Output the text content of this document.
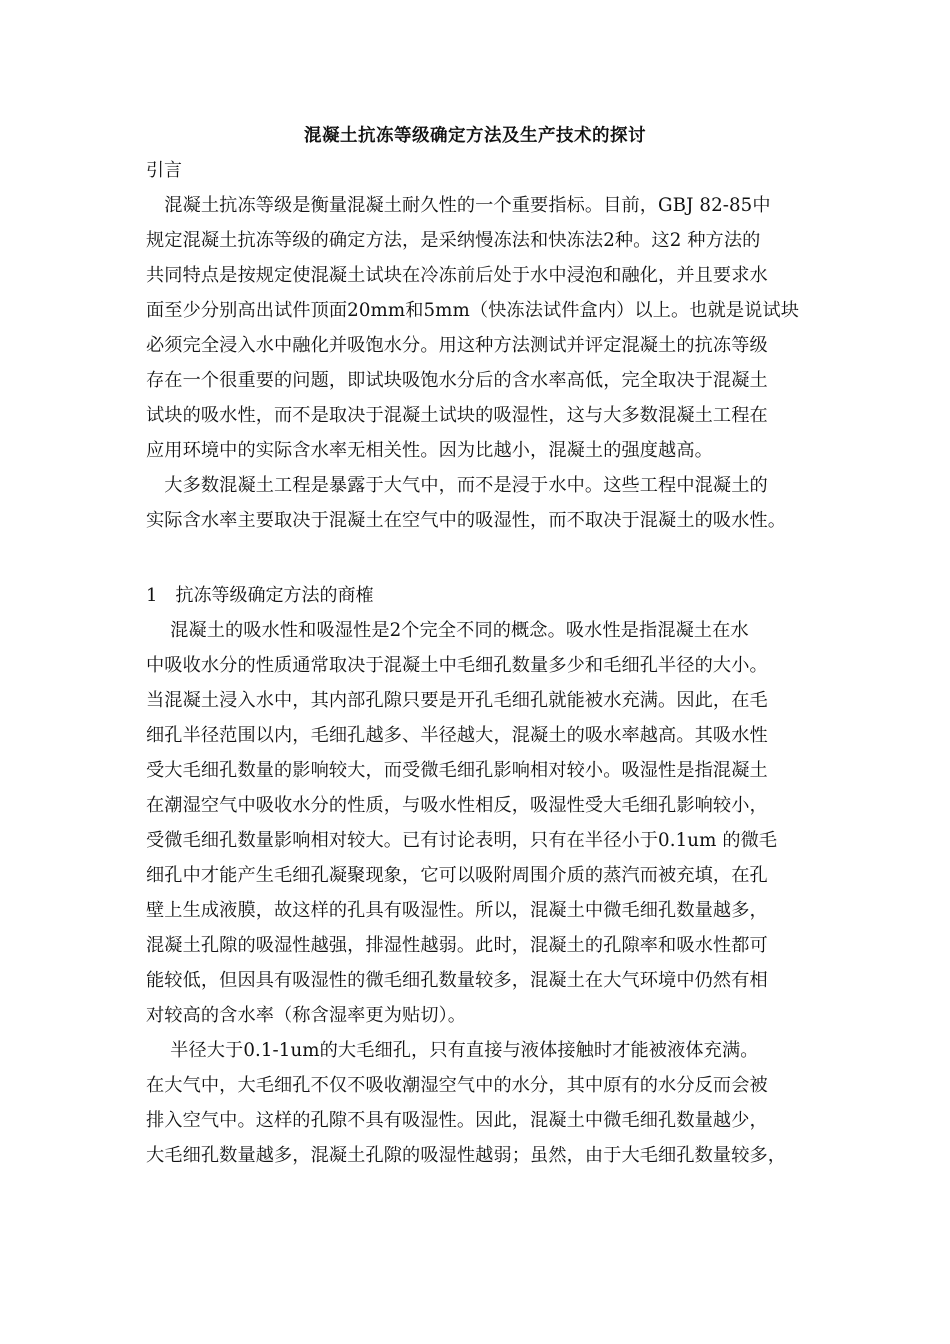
混凝土抗冻等级确定方法及生产技术的探讨
引言
　混凝土抗冻等级是衡量混凝土耐久性的一个重要指标。目前，GBJ 82-85中
规定混凝土抗冻等级的确定方法，是采纳慢冻法和快冻法2种。这2 种方法的
共同特点是按规定使混凝土试块在冷冻前后处于水中浸泡和融化，并且要求水
面至少分别高出试件顶面20mm和5mm（快冻法试件盒内）以上。也就是说试块
必须完全浸入水中融化并吸饱水分。用这种方法测试并评定混凝土的抗冻等级
存在一个很重要的问题，即试块吸饱水分后的含水率高低，完全取决于混凝土
试块的吸水性，而不是取决于混凝土试块的吸湿性，这与大多数混凝土工程在
应用环境中的实际含水率无相关性。因为比越小，混凝土的强度越高。
　大多数混凝土工程是暴露于大气中，而不是浸于水中。这些工程中混凝土的
实际含水率主要取决于混凝土在空气中的吸湿性，而不取决于混凝土的吸水性。
1　抗冻等级确定方法的商榷
　 混凝土的吸水性和吸湿性是2个完全不同的概念。吸水性是指混凝土在水
中吸收水分的性质通常取决于混凝土中毛细孔数量多少和毛细孔半径的大小。
当混凝土浸入水中，其内部孔隙只要是开孔毛细孔就能被水充满。因此，在毛
细孔半径范围以内，毛细孔越多、半径越大，混凝土的吸水率越高。其吸水性
受大毛细孔数量的影响较大，而受微毛细孔影响相对较小。吸湿性是指混凝土
在潮湿空气中吸收水分的性质，与吸水性相反，吸湿性受大毛细孔影响较小，
受微毛细孔数量影响相对较大。已有讨论表明，只有在半径小于0.1um 的微毛
细孔中才能产生毛细孔凝聚现象，它可以吸附周围介质的蒸汽而被充填，在孔
壁上生成液膜，故这样的孔具有吸湿性。所以，混凝土中微毛细孔数量越多，
混凝土孔隙的吸湿性越强，排湿性越弱。此时，混凝土的孔隙率和吸水性都可
能较低，但因具有吸湿性的微毛细孔数量较多，混凝土在大气环境中仍然有相
对较高的含水率（称含湿率更为贴切）。
　 半径大于0.1-1um的大毛细孔，只有直接与液体接触时才能被液体充满。
在大气中，大毛细孔不仅不吸收潮湿空气中的水分，其中原有的水分反而会被
排入空气中。这样的孔隙不具有吸湿性。因此，混凝土中微毛细孔数量越少，
大毛细孔数量越多，混凝土孔隙的吸湿性越弱；虽然，由于大毛细孔数量较多，
